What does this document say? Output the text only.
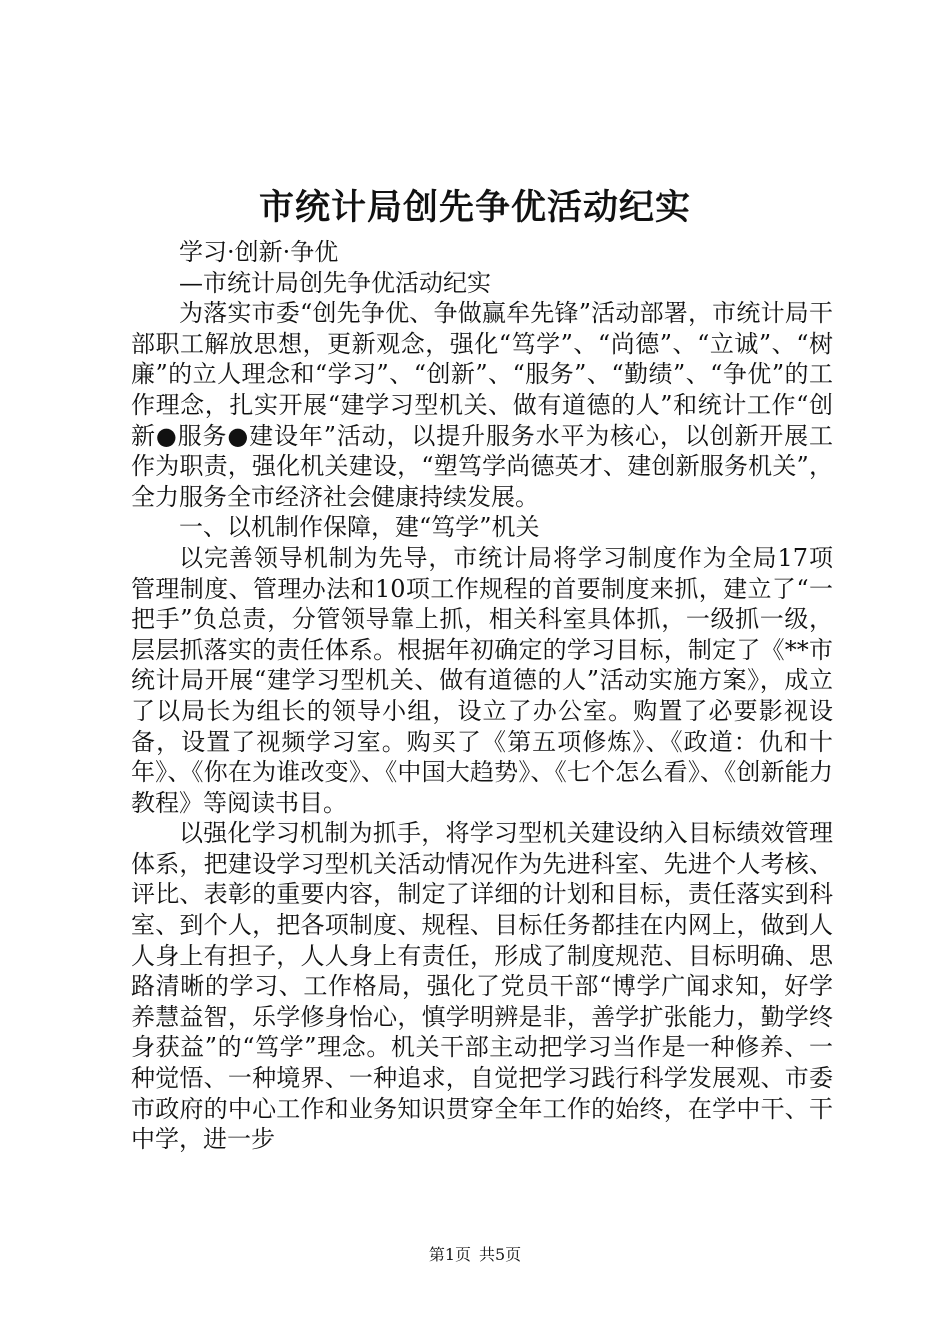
市统计局创先争优活动纪实

学习·创新·争优

—市统计局创先争优活动纪实

为落实市委“创先争优、争做赢牟先锋”活动部署，市统计局干部职工解放思想，更新观念，强化“笃学”、“尚德”、“立诚”、“树廉”的立人理念和“学习”、“创新”、“服务”、“勤绩”、“争优”的工作理念，扎实开展“建学习型机关、做有道德的人”和统计工作“创新●服务●建设年”活动，以提升服务水平为核心，以创新开展工作为职责，强化机关建设，“塑笃学尚德英才、建创新服务机关”，全力服务全市经济社会健康持续发展。

一、以机制作保障，建“笃学”机关

以完善领导机制为先导，市统计局将学习制度作为全局17项管理制度、管理办法和10项工作规程的首要制度来抓，建立了“一把手”负总责，分管领导靠上抓，相关科室具体抓，一级抓一级，层层抓落实的责任体系。根据年初确定的学习目标，制定了《**市统计局开展“建学习型机关、做有道德的人”活动实施方案》，成立了以局长为组长的领导小组，设立了办公室。购置了必要影视设备，设置了视频学习室。购买了《第五项修炼》、《政道：仇和十年》、《你在为谁改变》、《中国大趋势》、《七个怎么看》、《创新能力教程》等阅读书目。

以强化学习机制为抓手，将学习型机关建设纳入目标绩效管理体系，把建设学习型机关活动情况作为先进科室、先进个人考核、评比、表彰的重要内容，制定了详细的计划和目标，责任落实到科室、到个人，把各项制度、规程、目标任务都挂在内网上，做到人人身上有担子，人人身上有责任，形成了制度规范、目标明确、思路清晰的学习、工作格局，强化了党员干部“博学广闻求知，好学养慧益智，乐学修身怡心，慎学明辨是非，善学扩张能力，勤学终身获益”的“笃学”理念。机关干部主动把学习当作是一种修养、一种觉悟、一种境界、一种追求，自觉把学习践行科学发展观、市委市政府的中心工作和业务知识贯穿全年工作的始终，在学中干、干中学，进一步

第1页 共5页
